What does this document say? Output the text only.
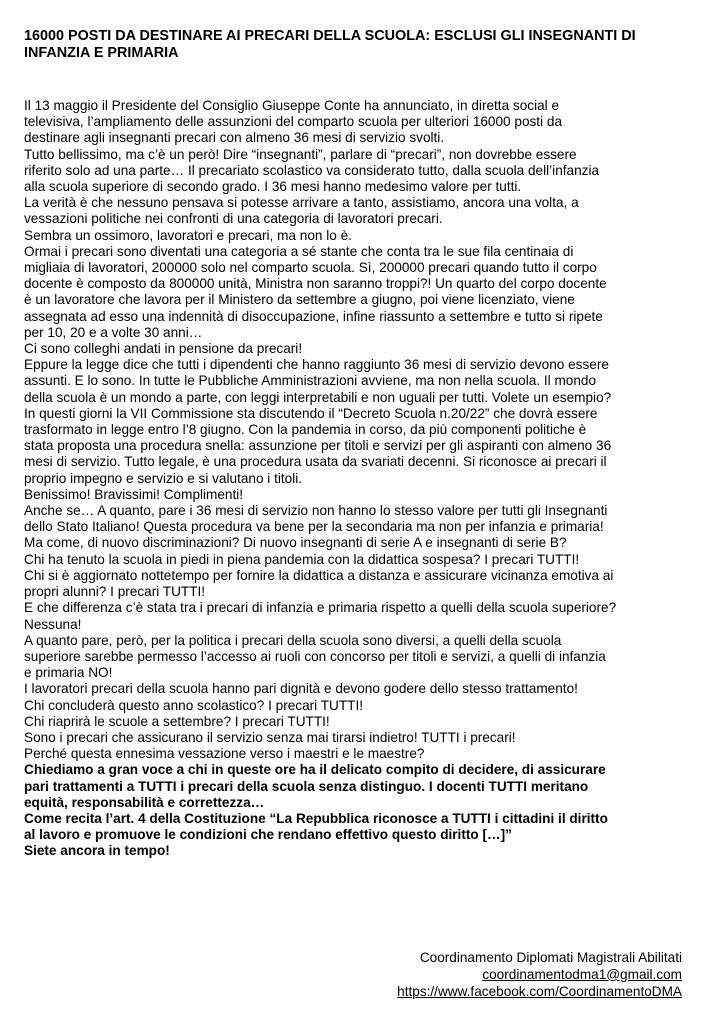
16000 POSTI DA DESTINARE AI PRECARI DELLA SCUOLA: ESCLUSI GLI INSEGNANTI DI
INFANZIA E PRIMARIA
Il 13 maggio il Presidente del Consiglio Giuseppe Conte ha annunciato, in diretta social e
televisiva, l’ampliamento delle assunzioni del comparto scuola per ulteriori 16000 posti da
destinare agli insegnanti precari con almeno 36 mesi di servizio svolti.
Tutto bellissimo, ma c’è un però! Dire “insegnanti”, parlare di “precari”, non dovrebbe essere
riferito solo ad una parte… Il precariato scolastico va considerato tutto, dalla scuola dell’infanzia
alla scuola superiore di secondo grado. I 36 mesi hanno medesimo valore per tutti.
La verità è che nessuno pensava si potesse arrivare a tanto, assistiamo, ancora una volta, a
vessazioni politiche nei confronti di una categoria di lavoratori precari.
Sembra un ossimoro, lavoratori e precari, ma non lo è.
Ormai i precari sono diventati una categoria a sé stante che conta tra le sue fila centinaia di
migliaia di lavoratori, 200000 solo nel comparto scuola. Sì, 200000 precari quando tutto il corpo
docente è composto da 800000 unità, Ministra non saranno troppi?! Un quarto del corpo docente
è un lavoratore che lavora per il Ministero da settembre a giugno, poi viene licenziato, viene
assegnata ad esso una indennità di disoccupazione, infine riassunto a settembre e tutto si ripete
per 10, 20 e a volte 30 anni…
Ci sono colleghi andati in pensione da precari!
Eppure la legge dice che tutti i dipendenti che hanno raggiunto 36 mesi di servizio devono essere
assunti. E lo sono. In tutte le Pubbliche Amministrazioni avviene, ma non nella scuola. Il mondo
della scuola è un mondo a parte, con leggi interpretabili e non uguali per tutti. Volete un esempio?
In questi giorni la VII Commissione sta discutendo il “Decreto Scuola n.20/22” che dovrà essere
trasformato in legge entro l’8 giugno. Con la pandemia in corso, da più componenti politiche è
stata proposta una procedura snella: assunzione per titoli e servizi per gli aspiranti con almeno 36
mesi di servizio. Tutto legale, è una procedura usata da svariati decenni. Si riconosce ai precari il
proprio impegno e servizio e si valutano i titoli.
Benissimo! Bravissimi! Complimenti!
Anche se… A quanto, pare i 36 mesi di servizio non hanno lo stesso valore per tutti gli Insegnanti
dello Stato Italiano! Questa procedura va bene per la secondaria ma non per infanzia e primaria!
Ma come, di nuovo discriminazioni? Di nuovo insegnanti di serie A e insegnanti di serie B?
Chi ha tenuto la scuola in piedi in piena pandemia con la didattica sospesa? I precari TUTTI!
Chi si è aggiornato nottetempo per fornire la didattica a distanza e assicurare vicinanza emotiva ai
propri alunni? I precari TUTTI!
E che differenza c’è stata tra i precari di infanzia e primaria rispetto a quelli della scuola superiore?
Nessuna!
A quanto pare, però, per la politica i precari della scuola sono diversi, a quelli della scuola
superiore sarebbe permesso l’accesso ai ruoli con concorso per titoli e servizi, a quelli di infanzia
e primaria NO!
I lavoratori precari della scuola hanno pari dignità e devono godere dello stesso trattamento!
Chi concluderà questo anno scolastico? I precari TUTTI!
Chi riaprirà le scuole a settembre? I precari TUTTI!
Sono i precari che assicurano il servizio senza mai tirarsi indietro! TUTTI i precari!
Perché questa ennesima vessazione verso i maestri e le maestre?
Chiediamo a gran voce a chi in queste ore ha il delicato compito di decidere, di assicurare
pari trattamenti a TUTTI i precari della scuola senza distinguo. I docenti TUTTI meritano
equità, responsabilità e correttezza…
Come recita l’art. 4 della Costituzione “La Repubblica riconosce a TUTTI i cittadini il diritto
al lavoro e promuove le condizioni che rendano effettivo questo diritto […]”
Siete ancora in tempo!
Coordinamento Diplomati Magistrali Abilitati
coordinamentodma1@gmail.com
https://www.facebook.com/CoordinamentoDMA
